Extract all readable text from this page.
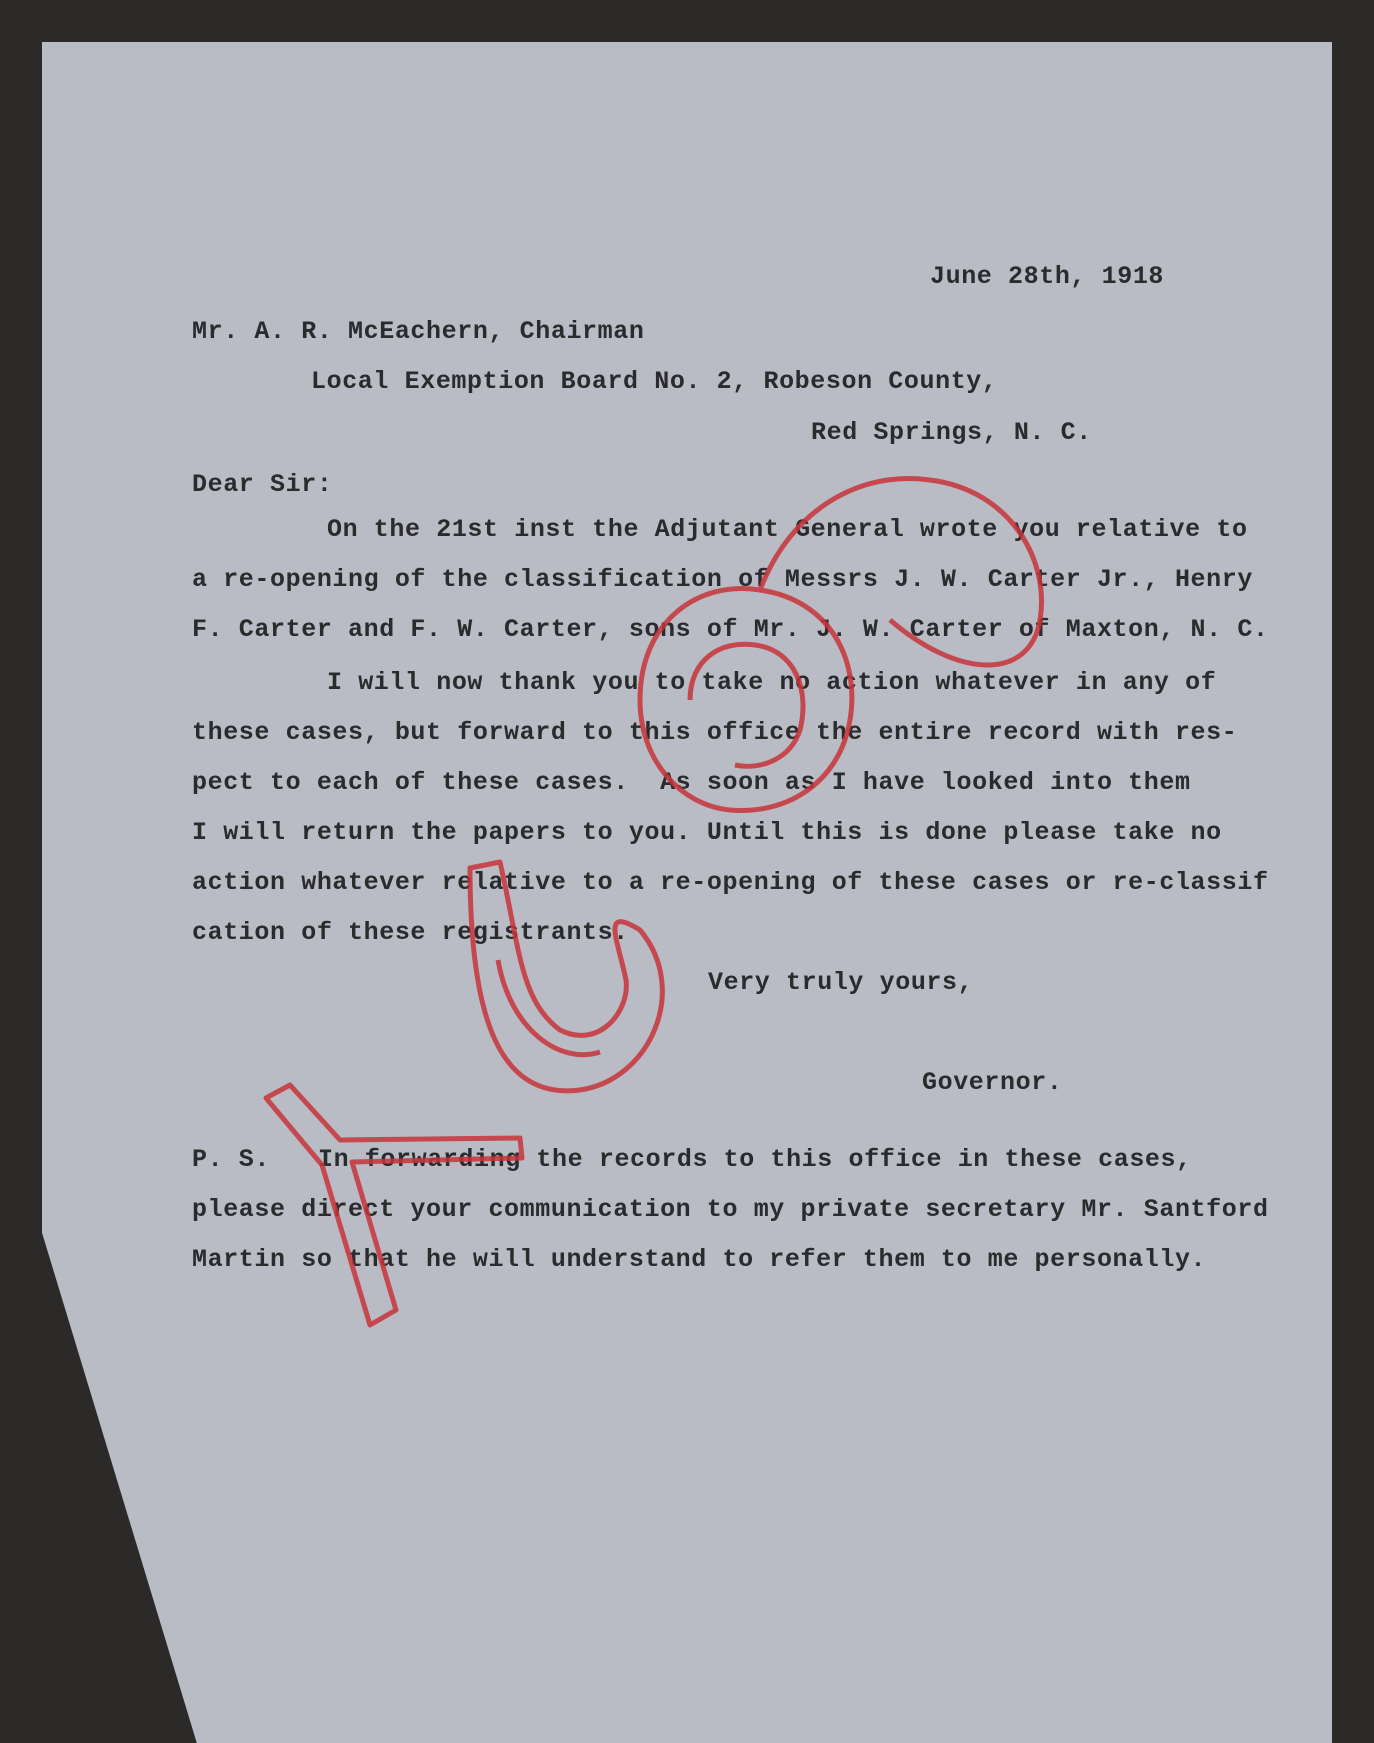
June 28th, 1918
Mr. A. R. McEachern, Chairman
Local Exemption Board No. 2, Robeson County,
Red Springs, N. C.
Dear Sir:
On the 21st inst the Adjutant General wrote you relative to
a re-opening of the classification of Messrs J. W. Carter Jr., Henry
F. Carter and F. W. Carter, sons of Mr. J. W. Carter of Maxton, N. C.
I will now thank you to take no action whatever in any of
these cases, but forward to this office the entire record with res-
pect to each of these cases.  As soon as I have looked into them
I will return the papers to you. Until this is done please take no
action whatever relative to a re-opening of these cases or re-classif
cation of these registrants.
Very truly yours,
Governor.
P. S. In forwarding the records to this office in these cases,
please direct your communication to my private secretary Mr. Santford
Martin so that he will understand to refer them to me personally.
